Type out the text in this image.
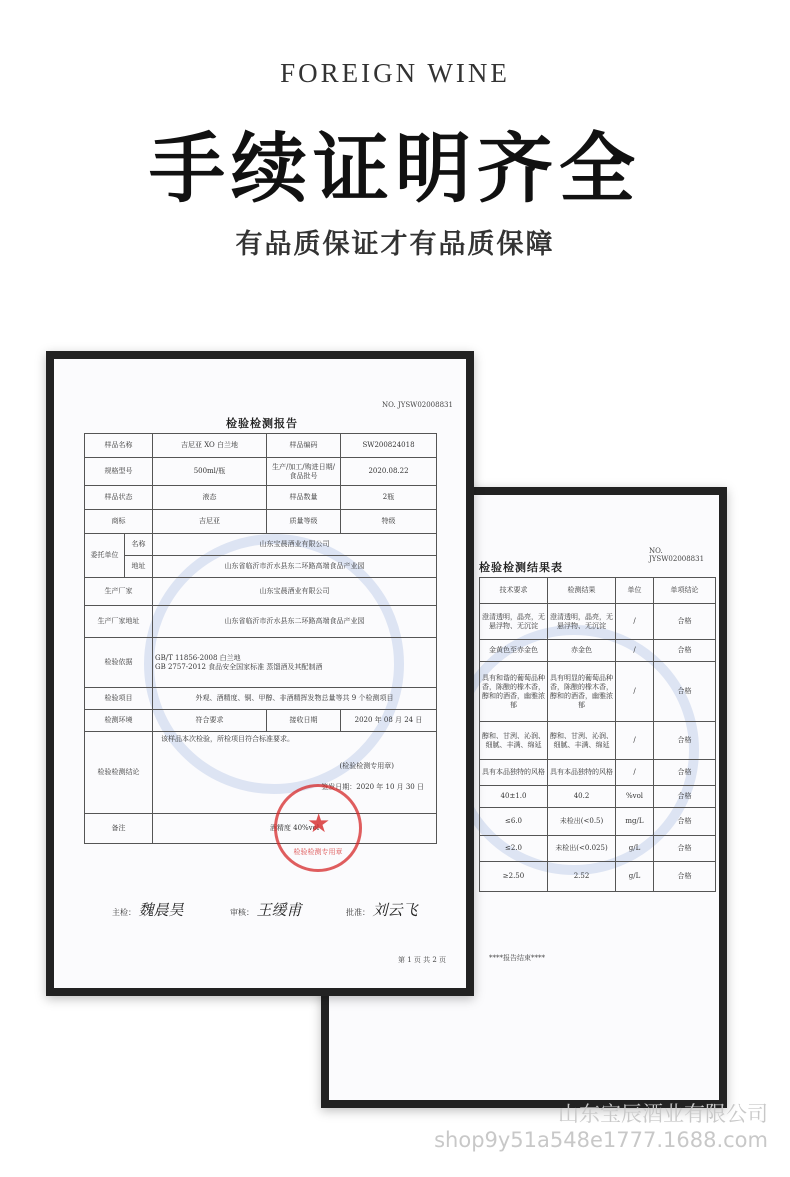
FOREIGN WINE
手续证明齐全
有品质保证才有品质保障
NO. JYSW02008831
检验检测结果表
技术要求	检测结果	单位	单项结论
澄清透明，晶亮，无悬浮物、无沉淀	澄清透明，晶亮，无悬浮物、无沉淀	/	合格
金黄色至赤金色	赤金色	/	合格
具有和谐的葡萄品种香，陈酿的橡木香，醇和的酒香，幽雅浓郁	具有明显的葡萄品种香，陈酿的橡木香，醇和的酒香，幽雅浓郁	/	合格
醇和、甘洌、沁润、细腻、丰满、绵延	醇和、甘洌、沁润、细腻、丰满、绵延	/	合格
具有本品独特的风格	具有本品独特的风格	/	合格
40±1.0	40.2	%vol	合格
≤6.0	未检出(<0.5)	mg/L	合格
≤2.0	未检出(<0.025)	g/L	合格
≥2.50	2.52	g/L	合格
****报告结束****
NO. JYSW02008831
检验检测报告
样品名称		吉尼亚 XO 白兰地	样品编码	SW200824018
规格型号		500ml/瓶	生产/加工/购进日期/食品批号	2020.08.22
样品状态		液态	样品数量	2瓶
商标		吉尼亚	质量等级	特级
委托单位	名称	山东宝晨酒业有限公司		
	地址	山东省临沂市沂水县东二环路高端食品产业园		
生产厂家		山东宝晨酒业有限公司		
生产厂家地址		山东省临沂市沂水县东二环路高端食品产业园		
检验依据		GB/T 11856-2008 白兰地
GB 2757-2012 食品安全国家标准 蒸馏酒及其配制酒		

检验项目		外观、酒精度、铜、甲醇、非酒精挥发物总量等共 9 个检测项目		
检测环境		符合要求	接收日期	2020 年 08 月 24 日
检验检测结论		该样品本次检验，所检项目符合标准要求。
(检验检测专用章)
签发日期：2020 年 10 月 30 日		

备注		酒精度 40%vol		
主检： 魏晨昊	审核： 王缓甫	批准： 刘云飞
第 1 页 共 2 页
★
检验检测专用章
山东宝辰酒业有限公司
shop9y51a548e1777.1688.com
